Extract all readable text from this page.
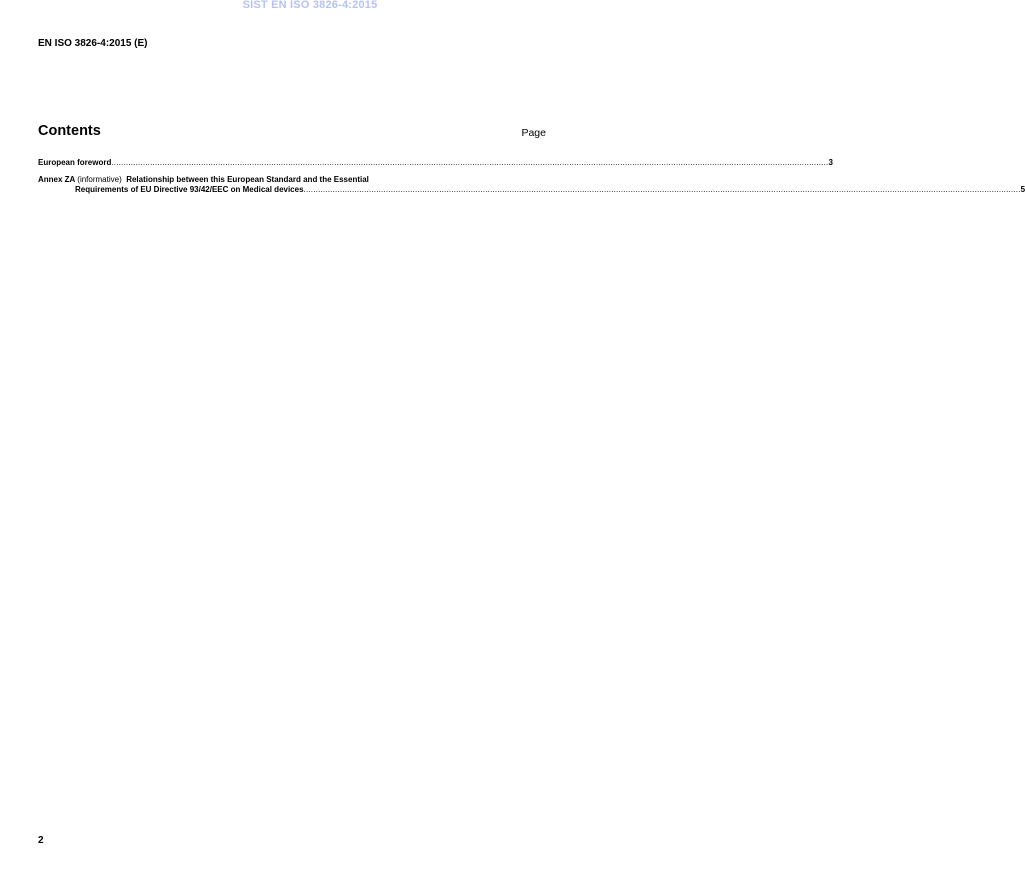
SIST EN ISO 3826-4:2015
EN ISO 3826-4:2015 (E)
Contents	Page
European foreword ........................................................................................................................................................................................................................................................................................................ 3
Annex ZA (informative) Relationship between this European Standard and the Essential
Requirements of EU Directive 93/42/EEC on Medical devices ........................................................................................................................................................................................................................................................................................................ 5
2
